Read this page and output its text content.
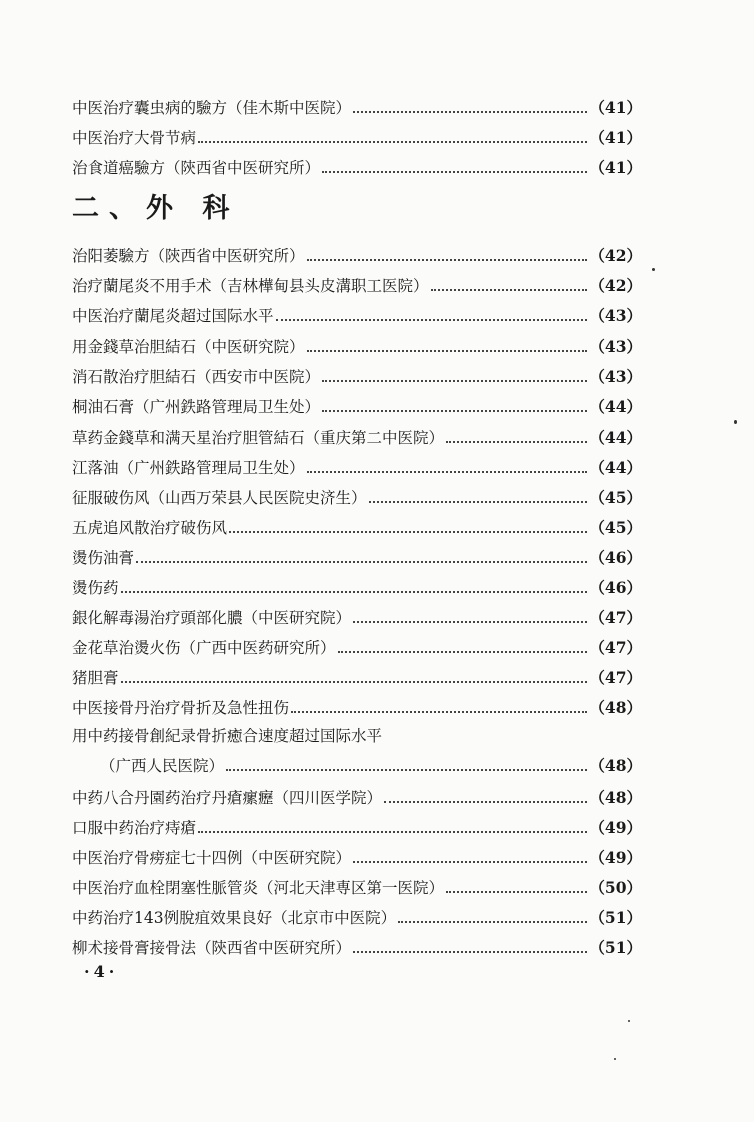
中医治疗囊虫病的驗方（佳木斯中医院）	（41）
中医治疗大骨节病	（41）
治食道癌驗方（陝西省中医研究所）	（41）
二、外 科
治阳萎驗方（陝西省中医研究所）	（42）
治疗蘭尾炎不用手术（吉林樺甸县头皮溝职工医院）	（42）
中医治疗蘭尾炎超过国际水平	（43）
用金錢草治胆結石（中医研究院）	（43）
消石散治疗胆結石（西安市中医院）	（43）
桐油石膏（广州鉄路管理局卫生处）	（44）
草药金錢草和满天星治疗胆管結石（重庆第二中医院）	（44）
江落油（广州鉄路管理局卫生处）	（44）
征服破伤风（山西万荣县人民医院史济生）	（45）
五虎追风散治疗破伤风	（45）
燙伤油膏	（46）
燙伤药	（46）
銀化解毒湯治疗頭部化膿（中医研究院）	（47）
金花草治燙火伤（广西中医药研究所）	（47）
猪胆膏	（47）
中医接骨丹治疗骨折及急性扭伤	（48）
用中药接骨創紀录骨折癒合速度超过国际水平
（广西人民医院）	（48）
中药八合丹園药治疗丹瘡瘰癧（四川医学院）	（48）
口服中药治疗痔瘡	（49）
中医治疗骨痨症七十四例（中医研究院）	（49）
中医治疗血栓閉塞性脈管炎（河北天津専区第一医院）	（50）
中药治疗143例脫疽效果良好（北京市中医院）	（51）
柳术接骨膏接骨法（陝西省中医研究所）	（51）
·4·
